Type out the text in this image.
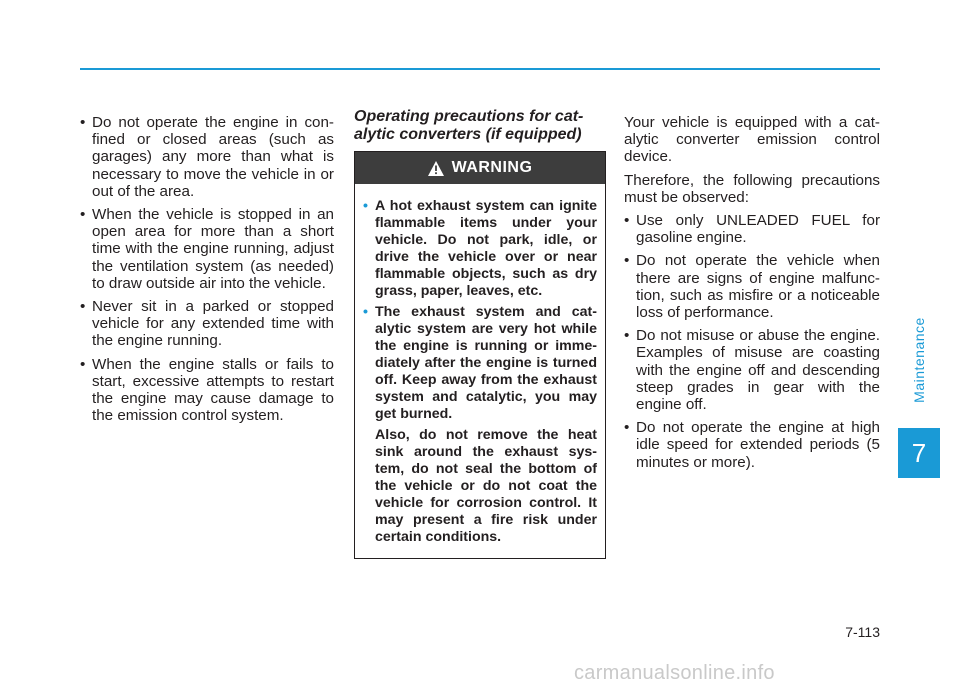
• Do not operate the engine in con-fined or closed areas (such as garages) any more than what is necessary to move the vehicle in or out of the area.
• When the vehicle is stopped in an open area for more than a short time with the engine running, adjust the ventilation system (as needed) to draw outside air into the vehicle.
• Never sit in a parked or stopped vehicle for any extended time with the engine running.
• When the engine stalls or fails to start, excessive attempts to restart the engine may cause damage to the emission control system.
Operating precautions for cat-alytic converters (if equipped)
WARNING
• A hot exhaust system can ignite flammable items under your vehicle. Do not park, idle, or drive the vehicle over or near flammable objects, such as dry grass, paper, leaves, etc.
• The exhaust system and cat-alytic system are very hot while the engine is running or imme-diately after the engine is turned off. Keep away from the exhaust system and catalytic, you may get burned.

Also, do not remove the heat sink around the exhaust sys-tem, do not seal the bottom of the vehicle or do not coat the vehicle for corrosion control. It may present a fire risk under certain conditions.

Your vehicle is equipped with a cat-alytic converter emission control device.

Therefore, the following precautions must be observed:

• Use only UNLEADED FUEL for gasoline engine.
• Do not operate the vehicle when there are signs of engine malfunc-tion, such as misfire or a noticeable loss of performance.
• Do not misuse or abuse the engine. Examples of misuse are coasting with the engine off and descending steep grades in gear with the engine off.
• Do not operate the engine at high idle speed for extended periods (5 minutes or more).
Maintenance
7
7-113
carmanualsonline.info
